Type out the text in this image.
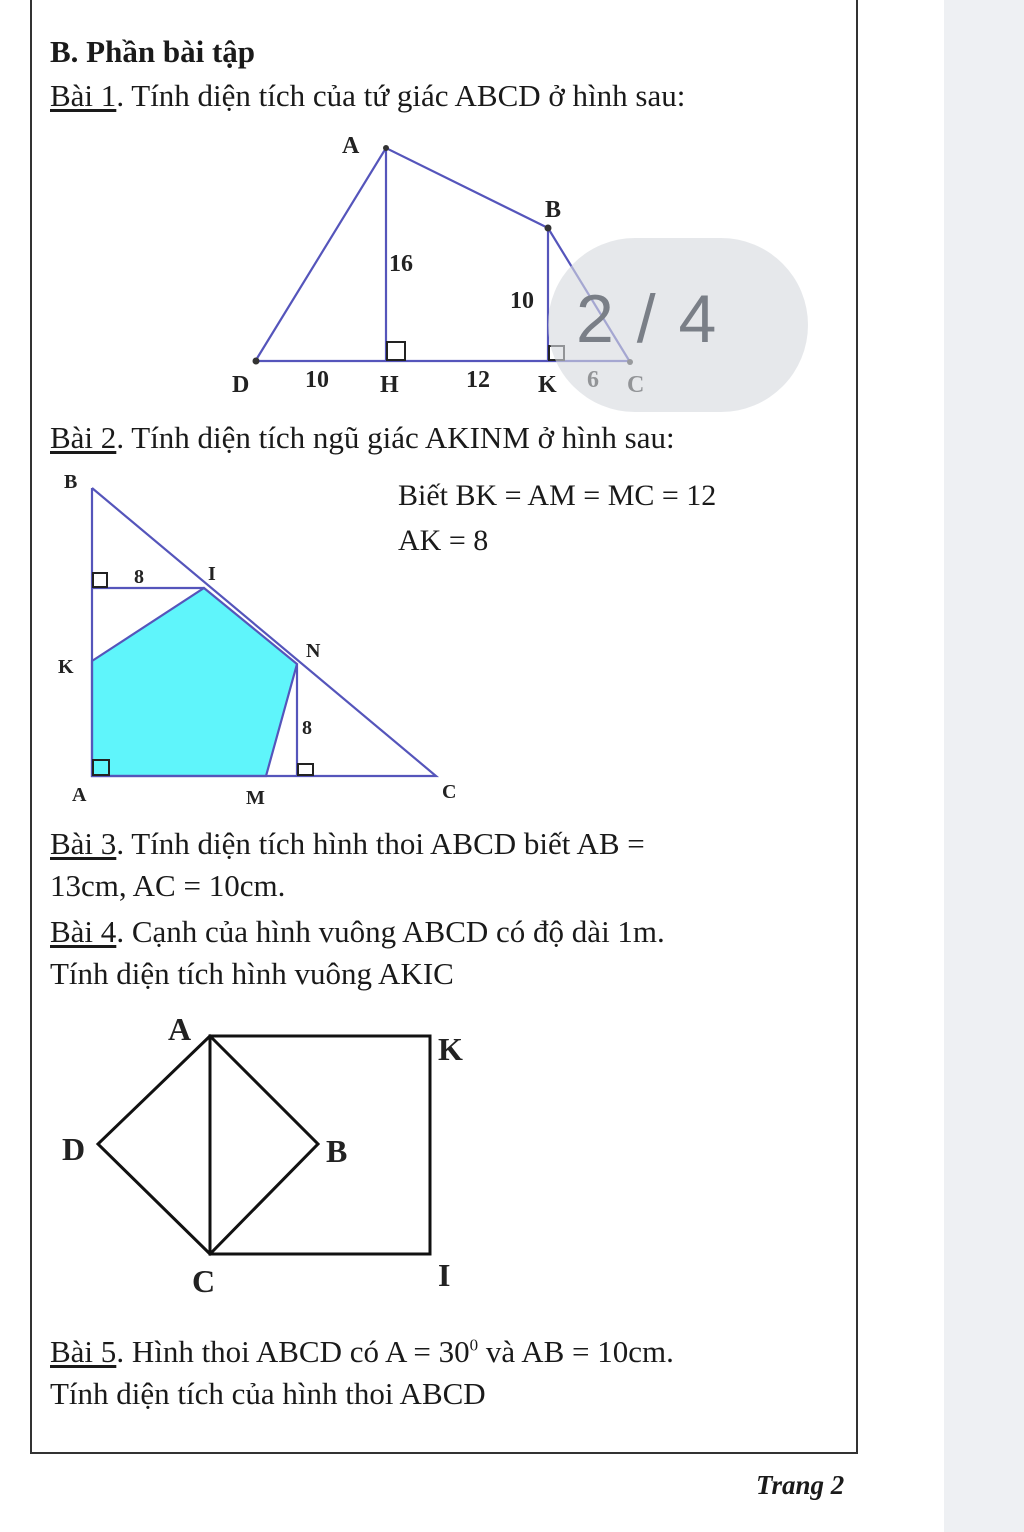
B. Phần bài tập
Bài 1. Tính diện tích của tứ giác ABCD ở hình sau:
A
B
16
10
D 10 H	12 K
2 / 4
Bài 2. Tính diện tích ngũ giác AKINM ở hình sau:
Biết BK = AM = MC = 12
AK = 8
B
8	I
K
N
8
A	M	C
Bài 3. Tính diện tích hình thoi ABCD biết AB =
13cm, AC = 10cm.
Bài 4. Cạnh của hình vuông ABCD có độ dài 1m.
Tính diện tích hình vuông AKIC
A
K
D	B
C	I
Bài 5. Hình thoi ABCD có $A = 30^0$ và AB = 10cm.
Tính diện tích của hình thoi ABCD
Trang 2
